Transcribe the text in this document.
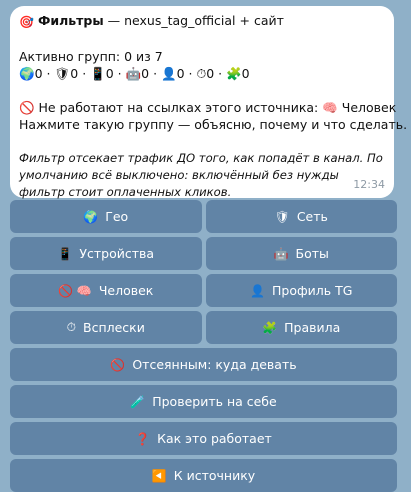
🎯 Фильтры — nexus_tag_official + сайт
Активно групп: 0 из 7
🌍0 · 🛡0 · 📱0 · 🤖0 · 👤0 · ⏱0 · 🧩0
🚫 Не работают на ссылках этого источника: 🧠 Человек
Нажмите такую группу — объясню, почему и что сделать.
Фильтр отсекает трафик ДО того, как попадёт в канал. По умолчанию всё выключено: включённый без нужды фильтр стоит оплаченных кликов.
12:34
🌍 Гео	🛡 Сеть
📱 Устройства	🤖 Боты
🚫 🧠 Человек	👤 Профиль TG
⏱ Всплески	🧩 Правила
🚫 Отсеянным: куда девать
🧪 Проверить на себе
❓ Как это работает
◀️ К источнику
